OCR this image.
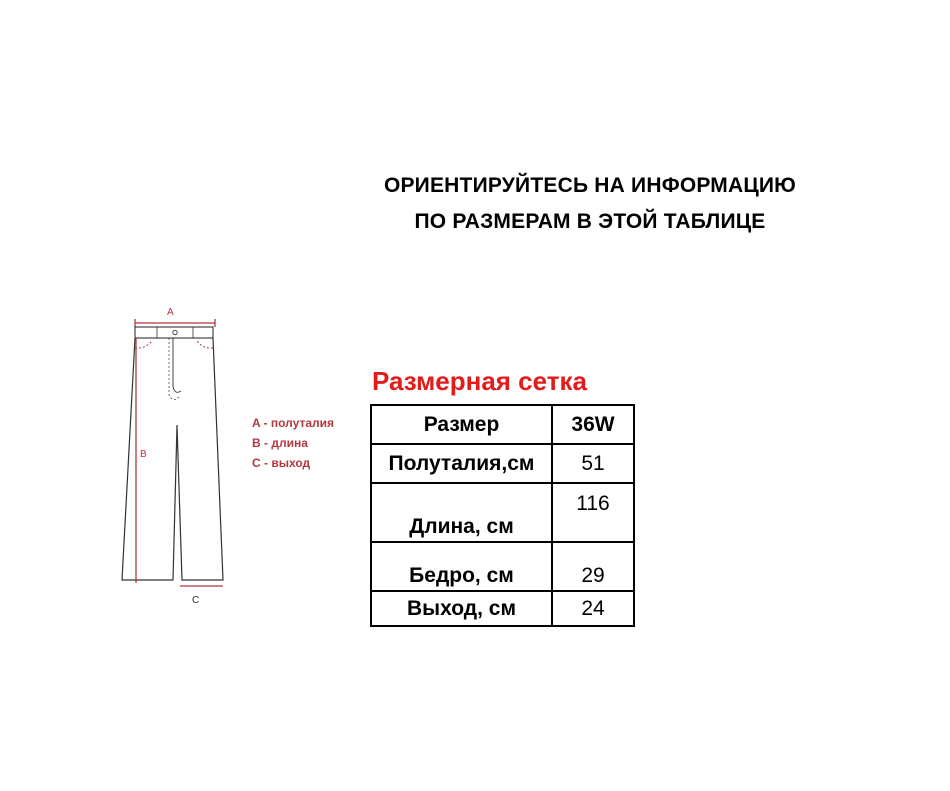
ОРИЕНТИРУЙТЕСЬ НА ИНФОРМАЦИЮ
ПО РАЗМЕРАМ В ЭТОЙ ТАБЛИЦЕ
A
B
C
A - полуталия
B - длина
C - выход
Размерная сетка
Размер	36W
Полуталия,см	51
Длина, см	116
Бедро, см	29
Выход, см	24
